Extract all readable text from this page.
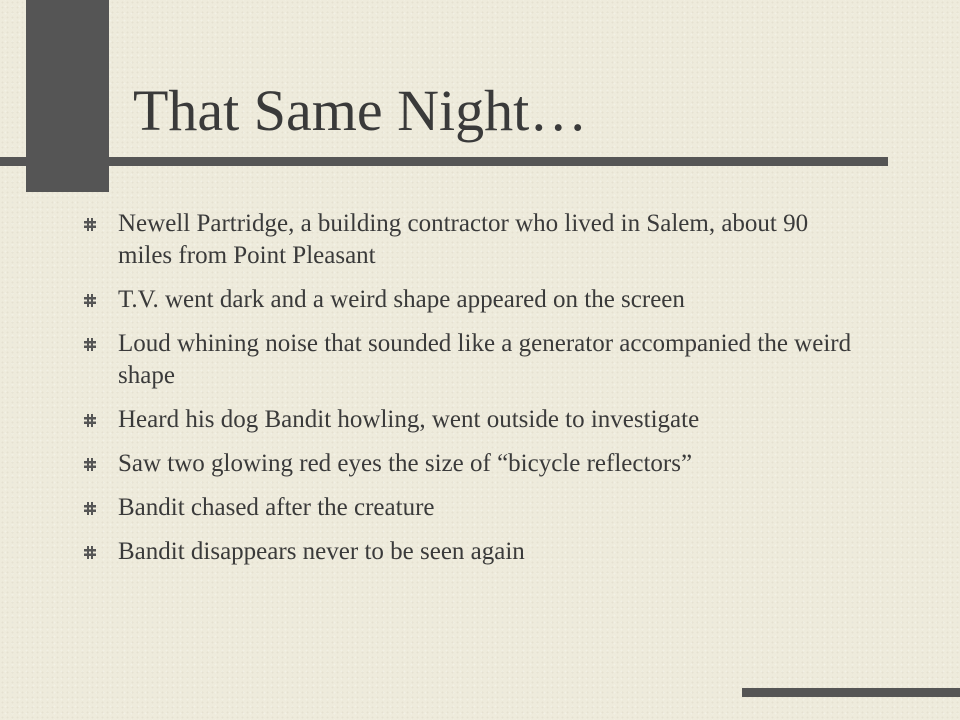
That Same Night…
Newell Partridge, a building contractor who lived in Salem, about 90 miles from Point Pleasant
T.V. went dark and a weird shape appeared on the screen
Loud whining noise that sounded like a generator accompanied the weird shape
Heard his dog Bandit howling, went outside to investigate
Saw two glowing red eyes the size of “bicycle reflectors”
Bandit chased after the creature
Bandit disappears never to be seen again
